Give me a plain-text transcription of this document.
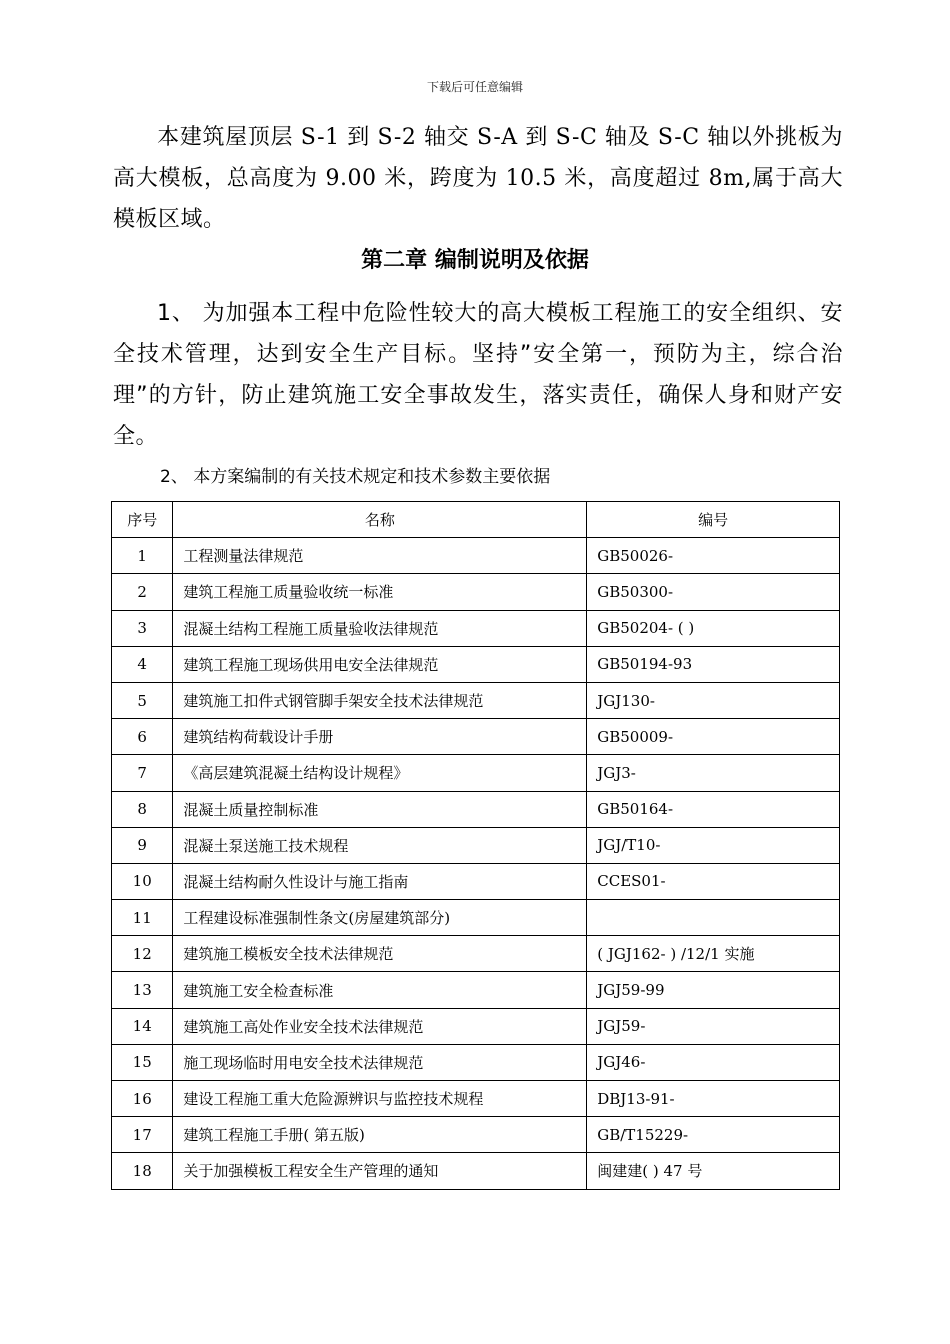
下载后可任意编辑
本建筑屋顶层 S-1 到 S-2 轴交 S-A 到 S-C 轴及 S-C 轴以外挑板为高大模板，总高度为 9.00 米，跨度为 10.5 米，高度超过 8m,属于高大模板区域。
第二章 编制说明及依据
1、 为加强本工程中危险性较大的高大模板工程施工的安全组织、安全技术管理，达到安全生产目标。坚持”安全第一，预防为主，综合治理”的方针，防止建筑施工安全事故发生，落实责任，确保人身和财产安全。
2、 本方案编制的有关技术规定和技术参数主要依据
序号	名称	编号
1	工程测量法律规范	GB50026-
2	建筑工程施工质量验收统一标准	GB50300-
3	混凝土结构工程施工质量验收法律规范	GB50204- ( )
4	建筑工程施工现场供用电安全法律规范	GB50194-93
5	建筑施工扣件式钢管脚手架安全技术法律规范	JGJ130-
6	建筑结构荷载设计手册	GB50009-
7	《高层建筑混凝土结构设计规程》	JGJ3-
8	混凝土质量控制标准	GB50164-
9	混凝土泵送施工技术规程	JGJ/T10-
10	混凝土结构耐久性设计与施工指南	CCES01-
11	工程建设标准强制性条文(房屋建筑部分)	
12	建筑施工模板安全技术法律规范	( JGJ162- ) /12/1 实施
13	建筑施工安全检查标准	JGJ59-99
14	建筑施工高处作业安全技术法律规范	JGJ59-
15	施工现场临时用电安全技术法律规范	JGJ46-
16	建设工程施工重大危险源辨识与监控技术规程	DBJ13-91-
17	建筑工程施工手册( 第五版)	GB/T15229-
18	关于加强模板工程安全生产管理的通知	闽建建( ) 47 号
